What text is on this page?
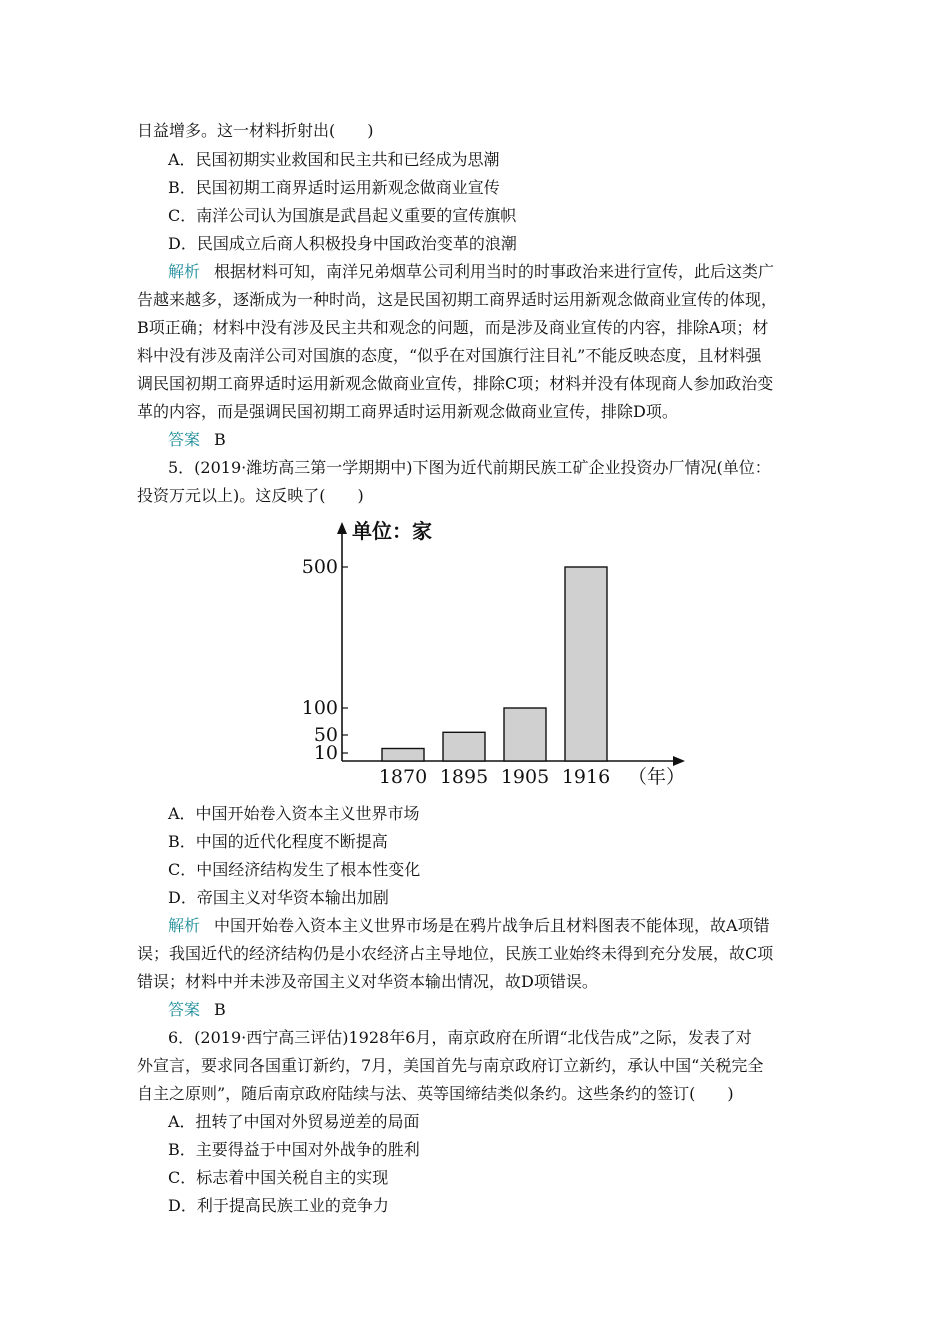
日益增多。这一材料折射出(　　)
A．民国初期实业救国和民主共和已经成为思潮
B．民国初期工商界适时运用新观念做商业宣传
C．南洋公司认为国旗是武昌起义重要的宣传旗帜
D．民国成立后商人积极投身中国政治变革的浪潮
解析 根据材料可知，南洋兄弟烟草公司利用当时的时事政治来进行宣传，此后这类广
告越来越多，逐渐成为一种时尚，这是民国初期工商界适时运用新观念做商业宣传的体现，
B项正确；材料中没有涉及民主共和观念的问题，而是涉及商业宣传的内容，排除A项；材
料中没有涉及南洋公司对国旗的态度，“似乎在对国旗行注目礼”不能反映态度，且材料强
调民国初期工商界适时运用新观念做商业宣传，排除C项；材料并没有体现商人参加政治变
革的内容，而是强调民国初期工商界适时运用新观念做商业宣传，排除D项。
答案 B
5．(2019·潍坊高三第一学期期中)下图为近代前期民族工矿企业投资办厂情况(单位：
投资万元以上)。这反映了(　　)
单位：家
10
50
100
500
1870 1895 1905 1916 （年）
A．中国开始卷入资本主义世界市场
B．中国的近代化程度不断提高
C．中国经济结构发生了根本性变化
D．帝国主义对华资本输出加剧
解析 中国开始卷入资本主义世界市场是在鸦片战争后且材料图表不能体现，故A项错
误；我国近代的经济结构仍是小农经济占主导地位，民族工业始终未得到充分发展，故C项
错误；材料中并未涉及帝国主义对华资本输出情况，故D项错误。
答案 B
6．(2019·西宁高三评估)1928年6月，南京政府在所谓“北伐告成”之际，发表了对
外宣言，要求同各国重订新约，7月，美国首先与南京政府订立新约，承认中国“关税完全
自主之原则”，随后南京政府陆续与法、英等国缔结类似条约。这些条约的签订(　　)
A．扭转了中国对外贸易逆差的局面
B．主要得益于中国对外战争的胜利
C．标志着中国关税自主的实现
D．利于提高民族工业的竞争力
